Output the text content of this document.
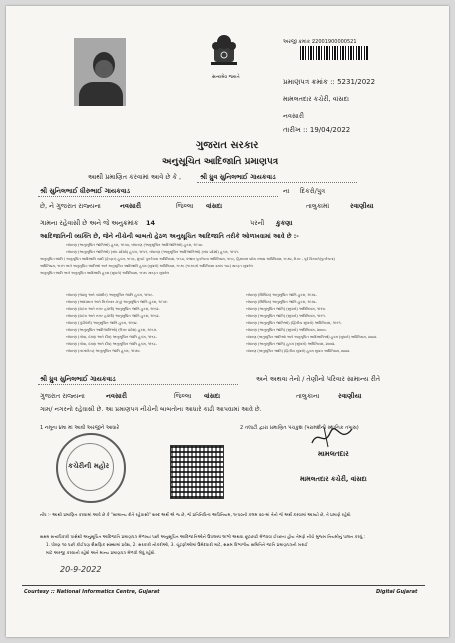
સત્યમેવ જયતે
અરજી ક્રમાંક :
22001900000521
પ્રમાણપત્ર ક્રમાંક :: 5231/2022
મામલતદાર કચેરી, વાંસદા
નવસારી
તારીખ :: 19/04/2022
ગુજરાત સરકાર
અનુસૂચિત આદિજાતિ પ્રમાણપત્ર
આથી પ્રમાણિત કરવામાં આવે છે કે ,	શ્રી ધ્રુવ સુનિલભાઈ ગાયકવાડ
શ્રી સુનિલભાઈ ધીરુભાઈ ગાયકવાડ	ના દિકરો/પુત્ર
છે, ને ગુજરાત રાજ્યના	નવસારી	જિલ્લા વાંસદા	તાલુકામાં	રવાણીયા
ગામના રહેવાસી છે અને જે અનુક્રમાંક 14	પરની કુકણા
આદિજાતિની વ્યક્તિ છે, જેને નીચેની બાબતો હેઠળ અનુસૂચિત આદિજાતિ તરીકે ઓળખવામાં આવે છે :-
બંધારણ (અનુસૂચિત જાતિઓ) હુકમ, ૧૯૫૦, બંધારણ (અનુસૂચિત આદિજાતિઓ) હુકમ, ૧૯૫૦.
બંધારણ (અનુસૂચિત જાતિઓ) (સંઘ પ્રદેશો) હુકમ, ૧૯૫૧, બંધારણ (અનુસૂચિત આદિજાતિઓ) (સંઘ પ્રદેશો) હુકમ, ૧૯૫૧.
અનુસૂચિત જાતિ / અનુસૂચિત આદિજાતિ યાદી (ફેરફાર) હુકમ, ૧૯૫૬, મુંબઈ પુનર્રચના અધિનિયમ, ૧૯૬૦, પંજાબ પુનર્રચના અધિનિયમ, ૧૯૬૬, હિમાચલ પ્રદેશ રાજ્ય અધિનિયમ, ૧૯૭૦, ઉત્તર - પૂર્વ વિસ્તારો(પુનર્રચના)
અધિનિયમ, ૧૯૭૧ અને અનુસૂચિત જાતિઓ અને અનુસૂચિત આદિજાતિ હુકમ (સુધારો) અધિનિયમ, ૧૯૭૬ (૧૯૭૬નો અધિનિયમ ક્રમાંક ૧૦૮) મારફત સુધારેલ
અનુસૂચિત જાતિ અને અનુસૂચિત આદિજાતિ હુકમ (સુધારો) અધિનિયમ, ૧૯૭૬ મારફત સુધારેલ
બંધારણ (જમ્મુ અને કાશ્મીર) અનુસૂચિત જાતિ હુકમ, ૧૯૫૬.
બંધારણ (આંદામાન અને નિકોબાર ટાપુ) અનુસૂચિત જાતિ હુકમ, ૧૯૫૯.
બંધારણ (દાદરા અને નગર હવેલી) અનુસૂચિત જાતિ હુકમ, ૧૯૬૨.
બંધારણ (દાદરા અને નગર હવેલી) અનુસૂચિત જાતિ હુકમ, ૧૯૬૨.
બંધારણ (પુંડીચેરી) અનુસૂચિત જાતિ હુકમ, ૧૯૬૪.
બંધારણ (અનુસૂચિત આદિજાતિઓ) (ઉત્તર પ્રદેશ) હુકમ, ૧૯૬૭.
બંધારણ (ગોવા, દમણ અને દીવ) અનુસૂચિત જાતિ હુકમ, ૧૯૬૮.
બંધારણ (ગોવા, દમણ અને દીવ) અનુસૂચિત જાતિ હુકમ, ૧૯૬૮.
બંધારણ (નાગાલેન્ડ) અનુસૂચિત જાતિ હુકમ, ૧૯૭૦.
બંધારણ (સિક્કિમ) અનુસૂચિત જાતિ હુકમ, ૧૯૭૮.
બંધારણ (સિક્કિમ) અનુસૂચિત જાતિ હુકમ, ૧૯૭૮.
બંધારણ (અનુસૂચિત જાતિ) (સુધારો) અધિનિયમ, ૧૯૯૦.
બંધારણ (અનુસૂચિત જાતિ) (સુધારો) અધિનિયમ, ૧૯૯૧.
બંધારણ (અનુસૂચિત જાતિઓ) (દ્વિતીય સુધારો) અધિનિયમ, ૧૯૯૧.
બંધારણ (અનુસૂચિત જાતિ) (સુધારો) અધિનિયમ, ૨૦૦૦.
બંધારણ (અનુસૂચિત જાતિઓ અને અનુસૂચિત આદિજાતિઓ) હુકમ (સુધારો) અધિનિયમ, ૨૦૦૨.
બંધારણ (અનુસૂચિત જાતિ) હુકમ (સુધારો) અધિનિયમ, ૨૦૦૨.
બંધારણ (અનુસૂચિત જાતિ) (દ્વિતીય સુધારો) હુકમ સુધારા અધિનિયમ, ૨૦૦૨.
શ્રી ધ્રુવ સુનિલભાઈ ગાયકવાડ	અને અથવા તેનો / તેણીનો પરિવાર સામાન્ય રીતે
ગુજરાત રાજ્યના	નવસારી	જિલ્લા વાંસદા	તાલુકાના	રવાણીયા
ગામ/ નગરનો રહેવાસી છે. આ પ્રમાણપત્ર નીચેની બાબતોના આધારે કાઢી આપવામાં આવે છે.
1 નમૂના ૪મા માં આવી અરજીને આધારે	2 તલાટી દ્વારા પ્રમાણિત પંચકુશ (પરામર્શની સ્થાનિક તપાસ)
કચેરીની મહોર
મામલતદાર
મામલતદાર કચેરી, વાંસદા
નોંધ :- આથી પ્રમાણિત કરવામાં આવે છે કે "સામાન્ય રીતે રહેવાસી" શબ્દ અર્થ એ જ છે, જે પ્રતિનિધિત્વ અધિનિયમ, ૧૯૫૦ની કલમ ૨૦-માં તેનો જે અર્થ કરવામાં આવ્યો છે, તે પ્રમાણે રહેશે.
સક્ષમ સત્તાધિકારી પાસેથી અનુસૂચિત આદિજાતિ પ્રમાણપત્ર મેળવ્યા પછી અનુસૂચિત આદિજાતિઓને ઉપલબ્ધ લાભો અથવા છૂટછાટો મેળવવા ઈચ્છતા હોય તેમણે નીચે મુજબ નિયમોનું પાલન કરવું :
1. ધોરણ ૧૦ પછી કોઈપણ શૈક્ષણિક સંસ્થામાં પ્રવેશ, 2. સરકારી નોકરીઓ, 3. ચૂંટણીઓમાં ઉમેદવારી માટે, સક્ષમ વિભાગીય સમિતિને જાતિ પ્રમાણપત્રની ખરાઈ
માટે અરજી કરવાની રહેશે અને માન્ય પ્રમાણપત્ર મેળવી લેવું રહેશે.
20-9-2022
Courtesy :: National Informatics Centre, Gujarat	Digital Gujarat
